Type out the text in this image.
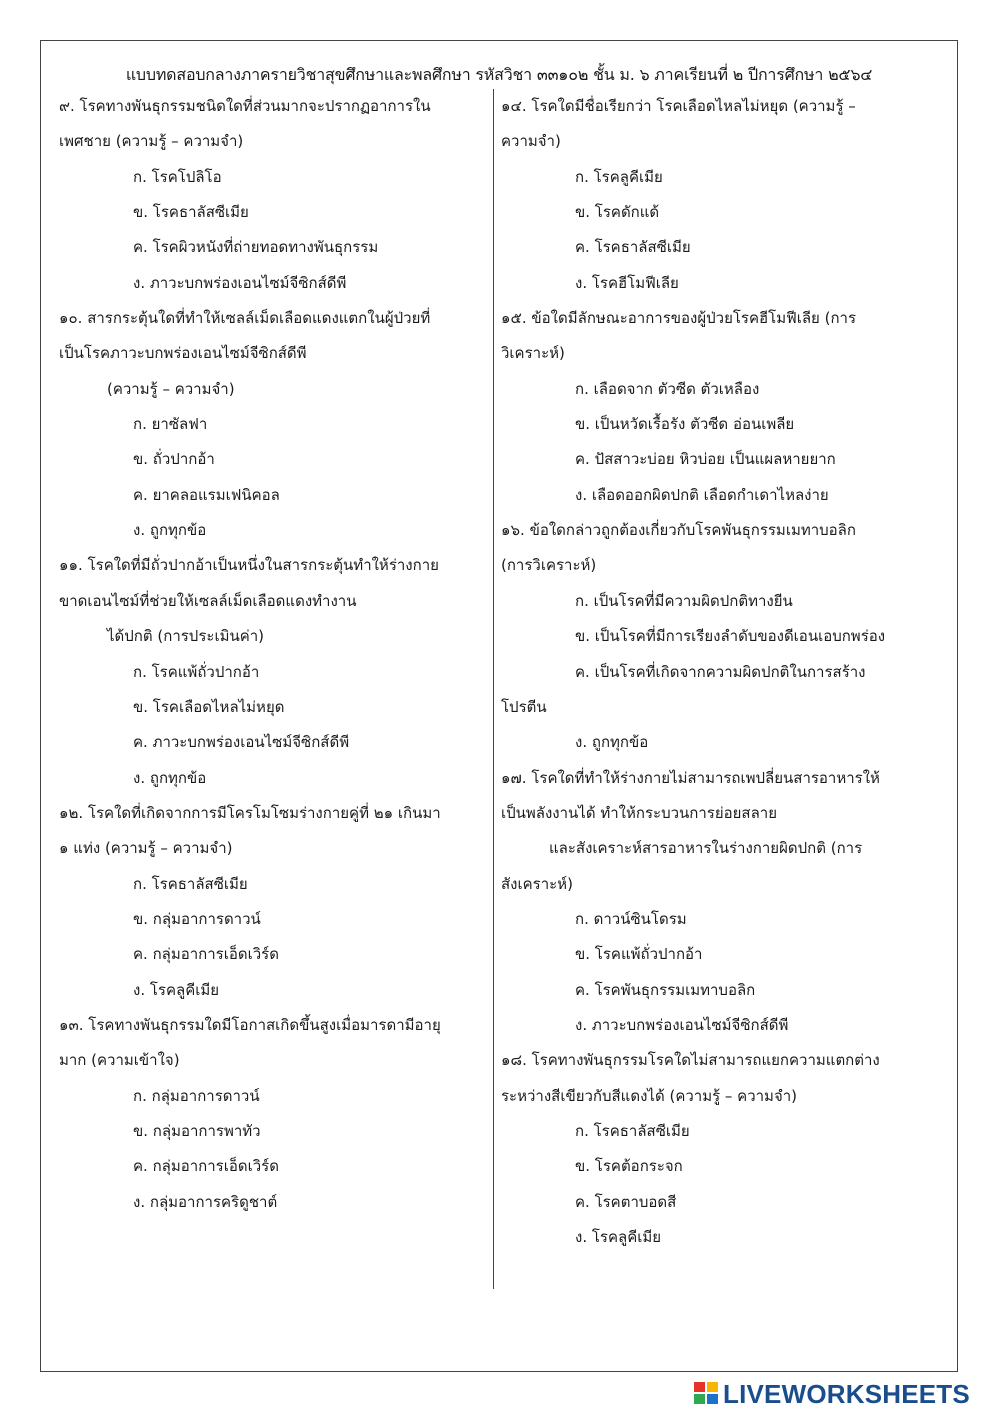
แบบทดสอบกลางภาครายวิชาสุขศึกษาและพลศึกษา รหัสวิชา ๓๓๑๐๒ ชั้น ม. ๖ ภาคเรียนที่ ๒ ปีการศึกษา ๒๕๖๔
๙. โรคทางพันธุกรรมชนิดใดที่ส่วนมากจะปรากฏอาการใน
เพศชาย (ความรู้ – ความจำ)
ก. โรคโปลิโอ
ข. โรคธาลัสซีเมีย
ค. โรคผิวหนังที่ถ่ายทอดทางพันธุกรรม
ง. ภาวะบกพร่องเอนไซม์จีซิกส์ดีพี
๑๐. สารกระตุ้นใดที่ทำให้เซลล์เม็ดเลือดแดงแตกในผู้ป่วยที่
เป็นโรคภาวะบกพร่องเอนไซม์จีซิกส์ดีพี
(ความรู้ – ความจำ)
ก. ยาซัลฟา
ข. ถั่วปากอ้า
ค. ยาคลอแรมเฟนิคอล
ง. ถูกทุกข้อ
๑๑. โรคใดที่มีถั่วปากอ้าเป็นหนึ่งในสารกระตุ้นทำให้ร่างกาย
ขาดเอนไซม์ที่ช่วยให้เซลล์เม็ดเลือดแดงทำงาน
ได้ปกติ (การประเมินค่า)
ก. โรคแพ้ถั่วปากอ้า
ข. โรคเลือดไหลไม่หยุด
ค. ภาวะบกพร่องเอนไซม์จีซิกส์ดีพี
ง. ถูกทุกข้อ
๑๒. โรคใดที่เกิดจากการมีโครโมโซมร่างกายคู่ที่ ๒๑ เกินมา
๑ แท่ง (ความรู้ – ความจำ)
ก. โรคธาลัสซีเมีย
ข. กลุ่มอาการดาวน์
ค. กลุ่มอาการเอ็ดเวิร์ด
ง. โรคลูคีเมีย
๑๓. โรคทางพันธุกรรมใดมีโอกาสเกิดขึ้นสูงเมื่อมารดามีอายุ
มาก (ความเข้าใจ)
ก. กลุ่มอาการดาวน์
ข. กลุ่มอาการพาทัว
ค. กลุ่มอาการเอ็ดเวิร์ด
ง. กลุ่มอาการคริดูชาต์
๑๔. โรคใดมีชื่อเรียกว่า โรคเลือดไหลไม่หยุด (ความรู้ –
ความจำ)
ก. โรคลูคีเมีย
ข. โรคดักแด้
ค. โรคธาลัสซีเมีย
ง. โรคฮีโมฟีเลีย
๑๕. ข้อใดมีลักษณะอาการของผู้ป่วยโรคฮีโมฟีเลีย (การ
วิเคราะห์)
ก. เลือดจาก ตัวซีด ตัวเหลือง
ข. เป็นหวัดเรื้อรัง ตัวซีด อ่อนเพลีย
ค. ปัสสาวะบ่อย หิวบ่อย เป็นแผลหายยาก
ง. เลือดออกผิดปกติ เลือดกำเดาไหลง่าย
๑๖. ข้อใดกล่าวถูกต้องเกี่ยวกับโรคพันธุกรรมเมทาบอลิก
(การวิเคราะห์)
ก. เป็นโรคที่มีความผิดปกติทางยีน
ข. เป็นโรคที่มีการเรียงลำดับของดีเอนเอบกพร่อง
ค. เป็นโรคที่เกิดจากความผิดปกติในการสร้าง
โปรตีน
ง. ถูกทุกข้อ
๑๗. โรคใดที่ทำให้ร่างกายไม่สามารถเพปลี่ยนสารอาหารให้
เป็นพลังงานได้ ทำให้กระบวนการย่อยสลาย
และสังเคราะห์สารอาหารในร่างกายผิดปกติ (การ
สังเคราะห์)
ก. ดาวน์ซินโดรม
ข. โรคแพ้ถั่วปากอ้า
ค. โรคพันธุกรรมเมทาบอลิก
ง. ภาวะบกพร่องเอนไซม์จีซิกส์ดีพี
๑๘. โรคทางพันธุกรรมโรคใดไม่สามารถแยกความแตกต่าง
ระหว่างสีเขียวกับสีแดงได้ (ความรู้ – ความจำ)
ก. โรคธาลัสซีเมีย
ข. โรคต้อกระจก
ค. โรคตาบอดสี
ง. โรคลูคีเมีย
LIVEWORKSHEETS
